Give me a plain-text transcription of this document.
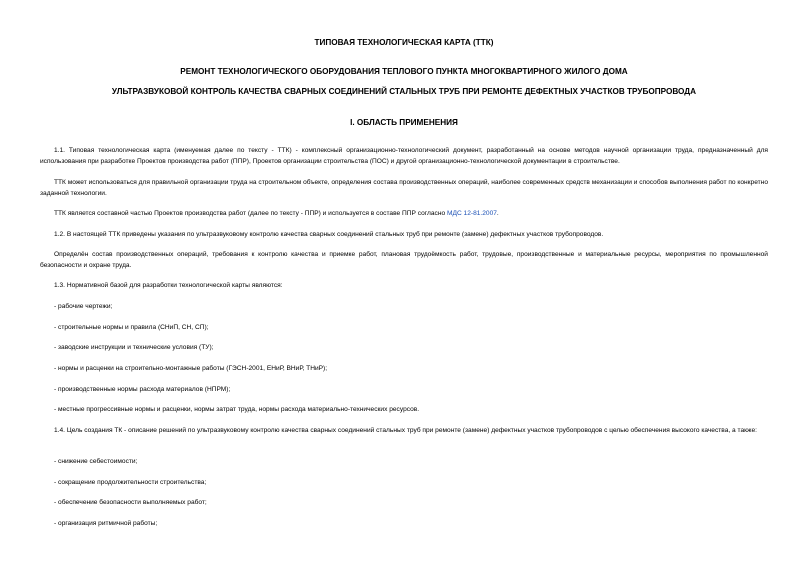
ТИПОВАЯ ТЕХНОЛОГИЧЕСКАЯ КАРТА (ТТК)
РЕМОНТ ТЕХНОЛОГИЧЕСКОГО ОБОРУДОВАНИЯ ТЕПЛОВОГО ПУНКТА МНОГОКВАРТИРНОГО ЖИЛОГО ДОМА
УЛЬТРАЗВУКОВОЙ КОНТРОЛЬ КАЧЕСТВА СВАРНЫХ СОЕДИНЕНИЙ СТАЛЬНЫХ ТРУБ ПРИ РЕМОНТЕ ДЕФЕКТНЫХ УЧАСТКОВ ТРУБОПРОВОДА
I. ОБЛАСТЬ ПРИМЕНЕНИЯ
1.1. Типовая технологическая карта (именуемая далее по тексту - ТТК) - комплексный организационно-технологический документ, разработанный на основе методов научной организации труда, предназначенный для использования при разработке Проектов производства работ (ППР), Проектов организации строительства (ПОС) и другой организационно-технологической документации в строительстве.
ТТК может использоваться для правильной организации труда на строительном объекте, определения состава производственных операций, наиболее современных средств механизации и способов выполнения работ по конкретно заданной технологии.
ТТК является составной частью Проектов производства работ (далее по тексту - ППР) и используется в составе ППР согласно МДС 12-81.2007.
1.2. В настоящей ТТК приведены указания по ультразвуковому контролю качества сварных соединений стальных труб при ремонте (замене) дефектных участков трубопроводов.
Определён состав производственных операций, требования к контролю качества и приемке работ, плановая трудоёмкость работ, трудовые, производственные и материальные ресурсы, мероприятия по промышленной безопасности и охране труда.
1.3. Нормативной базой для разработки технологической карты являются:
- рабочие чертежи;
- строительные нормы и правила (СНиП, СН, СП);
- заводские инструкции и технические условия (ТУ);
- нормы и расценки на строительно-монтажные работы (ГЭСН-2001, ЕНиР, ВНиР, ТНиР);
- производственные нормы расхода материалов (НПРМ);
- местные прогрессивные нормы и расценки, нормы затрат труда, нормы расхода материально-технических ресурсов.
1.4. Цель создания ТК - описание решений по ультразвуковому контролю качества сварных соединений стальных труб при ремонте (замене) дефектных участков трубопроводов с целью обеспечения высокого качества, а также:
- снижение себестоимости;
- сокращение продолжительности строительства;
- обеспечение безопасности выполняемых работ;
- организация ритмичной работы;
